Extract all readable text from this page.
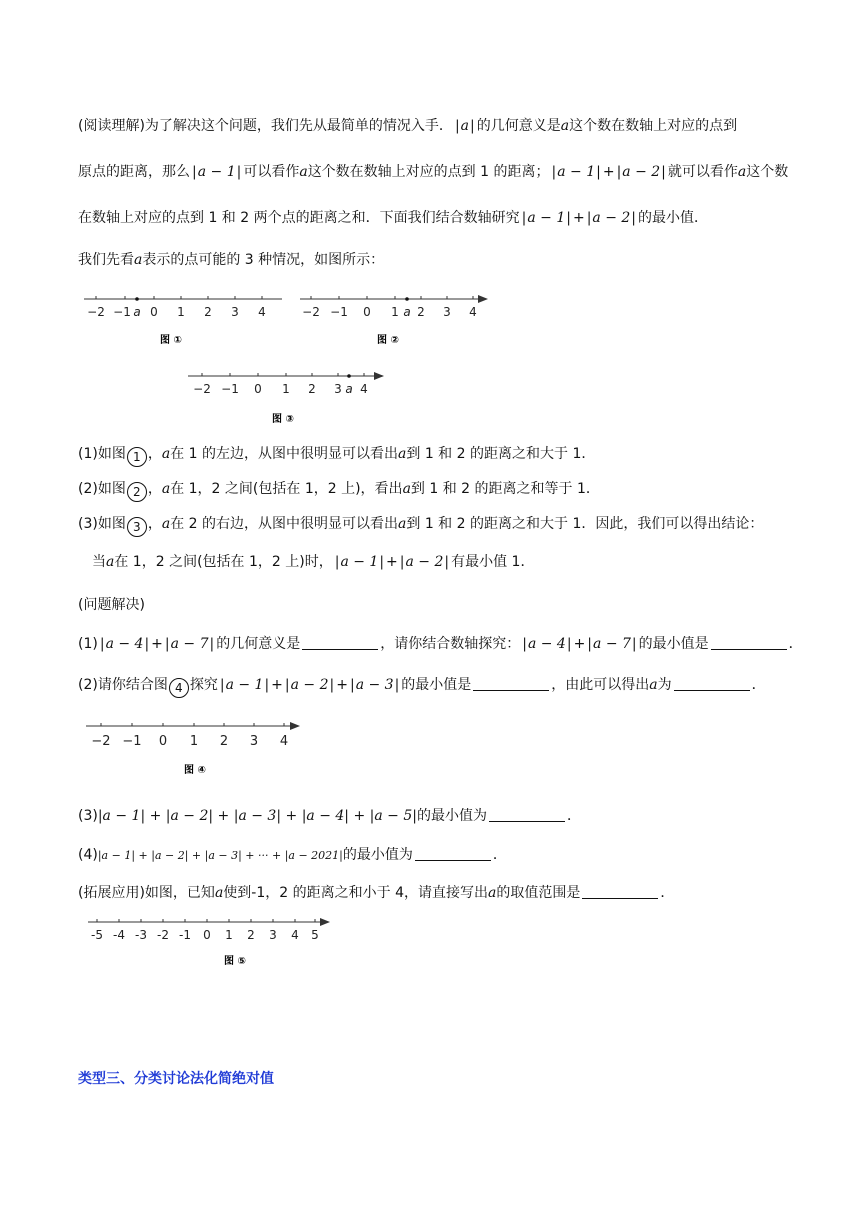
(阅读理解)为了解决这个问题，我们先从最简单的情况入手． | a | 的几何意义是a这个数在数轴上对应的点到
原点的距离，那么 | a − 1 | 可以看作a这个数在数轴上对应的点到 1 的距离； | a − 1 | + | a − 2 | 就可以看作a这个数
在数轴上对应的点到 1 和 2 两个点的距离之和．下面我们结合数轴研究 | a − 1 | + | a − 2 | 的最小值．
我们先看a表示的点可能的 3 种情况，如图所示：
−2 −1 a 0 1 2 3 4
图 ①
−2 −1 0 1 a 2 3 4
图 ②
−2 −1 0 1 2 3 a 4
图 ③
(1)如图 1 ，a在 1 的左边，从图中很明显可以看出a到 1 和 2 的距离之和大于 1．
(2)如图 2 ，a在 1，2 之间(包括在 1，2 上)，看出a到 1 和 2 的距离之和等于 1．
(3)如图 3 ，a在 2 的右边，从图中很明显可以看出a到 1 和 2 的距离之和大于 1．因此，我们可以得出结论：
当a在 1，2 之间(包括在 1，2 上)时， | a − 1 | + | a − 2 | 有最小值 1．
(问题解决)
(1) | a − 4 | + | a − 7 | 的几何意义是	，请你结合数轴探究： | a − 4 | + | a − 7 | 的最小值是	．
(2)请你结合图 4 探究 | a − 1 | + | a − 2 | + | a − 3 | 的最小值是	，由此可以得出a为	．
−2 −1 0 1 2 3 4
图 ④
(3)|a − 1| + |a − 2| + |a − 3| + |a − 4| + |a − 5|的最小值为	．
(4)|a − 1| + |a − 2| + |a − 3| + ··· + |a − 2021|的最小值为	．
(拓展应用)如图，已知a使到-1，2 的距离之和小于 4，请直接写出a的取值范围是	．
-5 -4 -3 -2 -1 0 1 2 3 4 5
图 ⑤
类型三、分类讨论法化简绝对值
